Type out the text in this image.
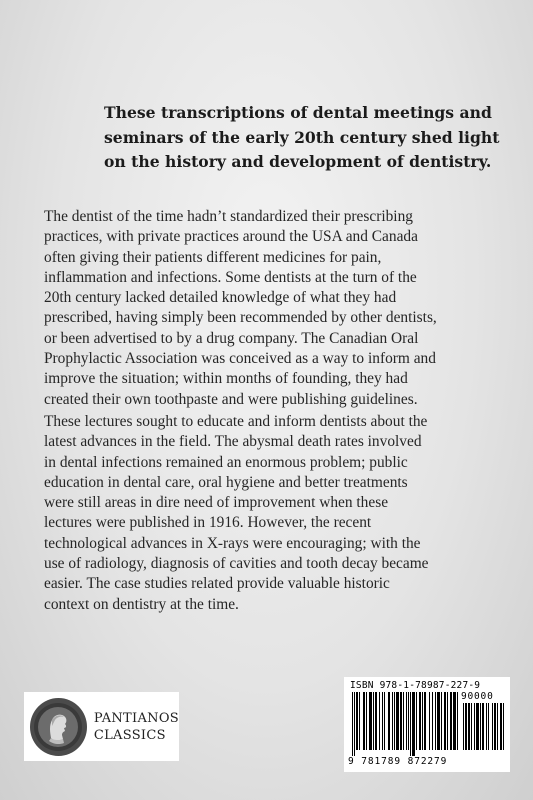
These transcriptions of dental meetings and
seminars of the early 20th century shed light
on the history and development of dentistry.
The dentist of the time hadn’t standardized their prescribing
practices, with private practices around the USA and Canada
often giving their patients different medicines for pain,
inflammation and infections. Some dentists at the turn of the
20th century lacked detailed knowledge of what they had
prescribed, having simply been recommended by other dentists,
or been advertised to by a drug company. The Canadian Oral
Prophylactic Association was conceived as a way to inform and
improve the situation; within months of founding, they had
created their own toothpaste and were publishing guidelines.
These lectures sought to educate and inform dentists about the
latest advances in the field. The abysmal death rates involved
in dental infections remained an enormous problem; public
education in dental care, oral hygiene and better treatments
were still areas in dire need of improvement when these
lectures were published in 1916. However, the recent
technological advances in X-rays were encouraging; with the
use of radiology, diagnosis of cavities and tooth decay became
easier. The case studies related provide valuable historic
context on dentistry at the time.
PANTIANOS
CLASSICS
ISBN 978-1-78987-227-9
90000
9 781789 872279
